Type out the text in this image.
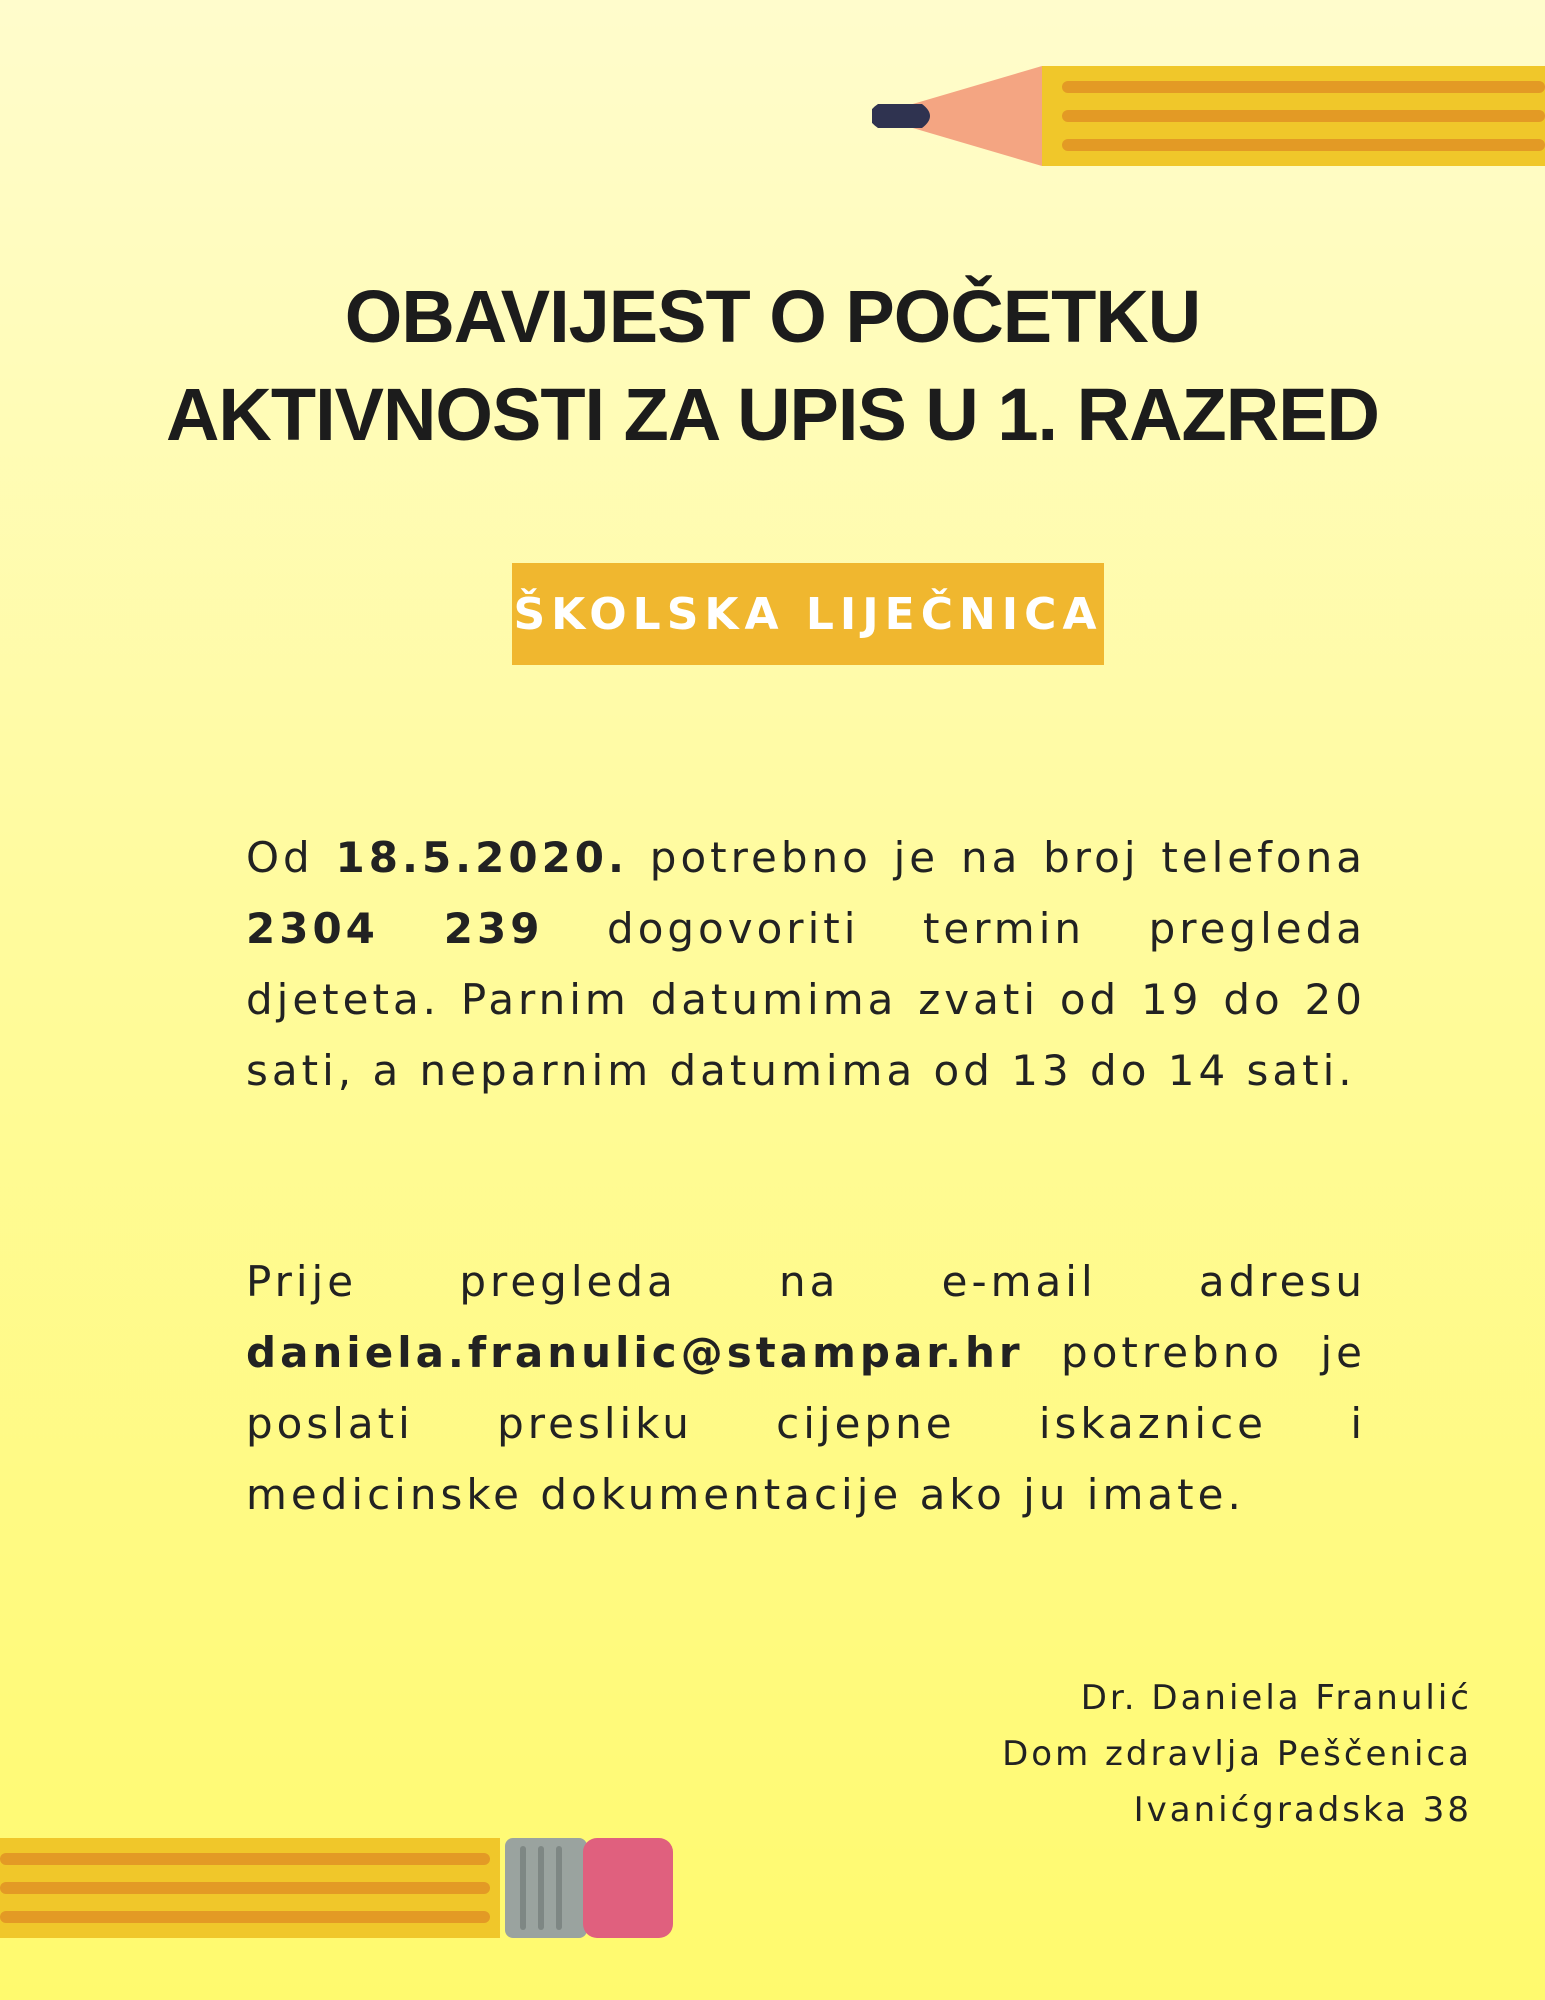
OBAVIJEST O POČETKU
AKTIVNOSTI ZA UPIS U 1. RAZRED
ŠKOLSKA LIJEČNICA

Od 18.5.2020. potrebno je na broj telefona 2304 239 dogovoriti termin pregleda djeteta. Parnim datumima zvati od 19 do 20 sati, a neparnim datumima od 13 do 14 sati.

Prije pregleda na e-mail adresu daniela.franulic@stampar.hr potrebno je poslati presliku cijepne iskaznice i medicinske dokumentacije ako ju imate.

Dr. Daniela Franulić
Dom zdravlja Peščenica
Ivanićgradska 38
